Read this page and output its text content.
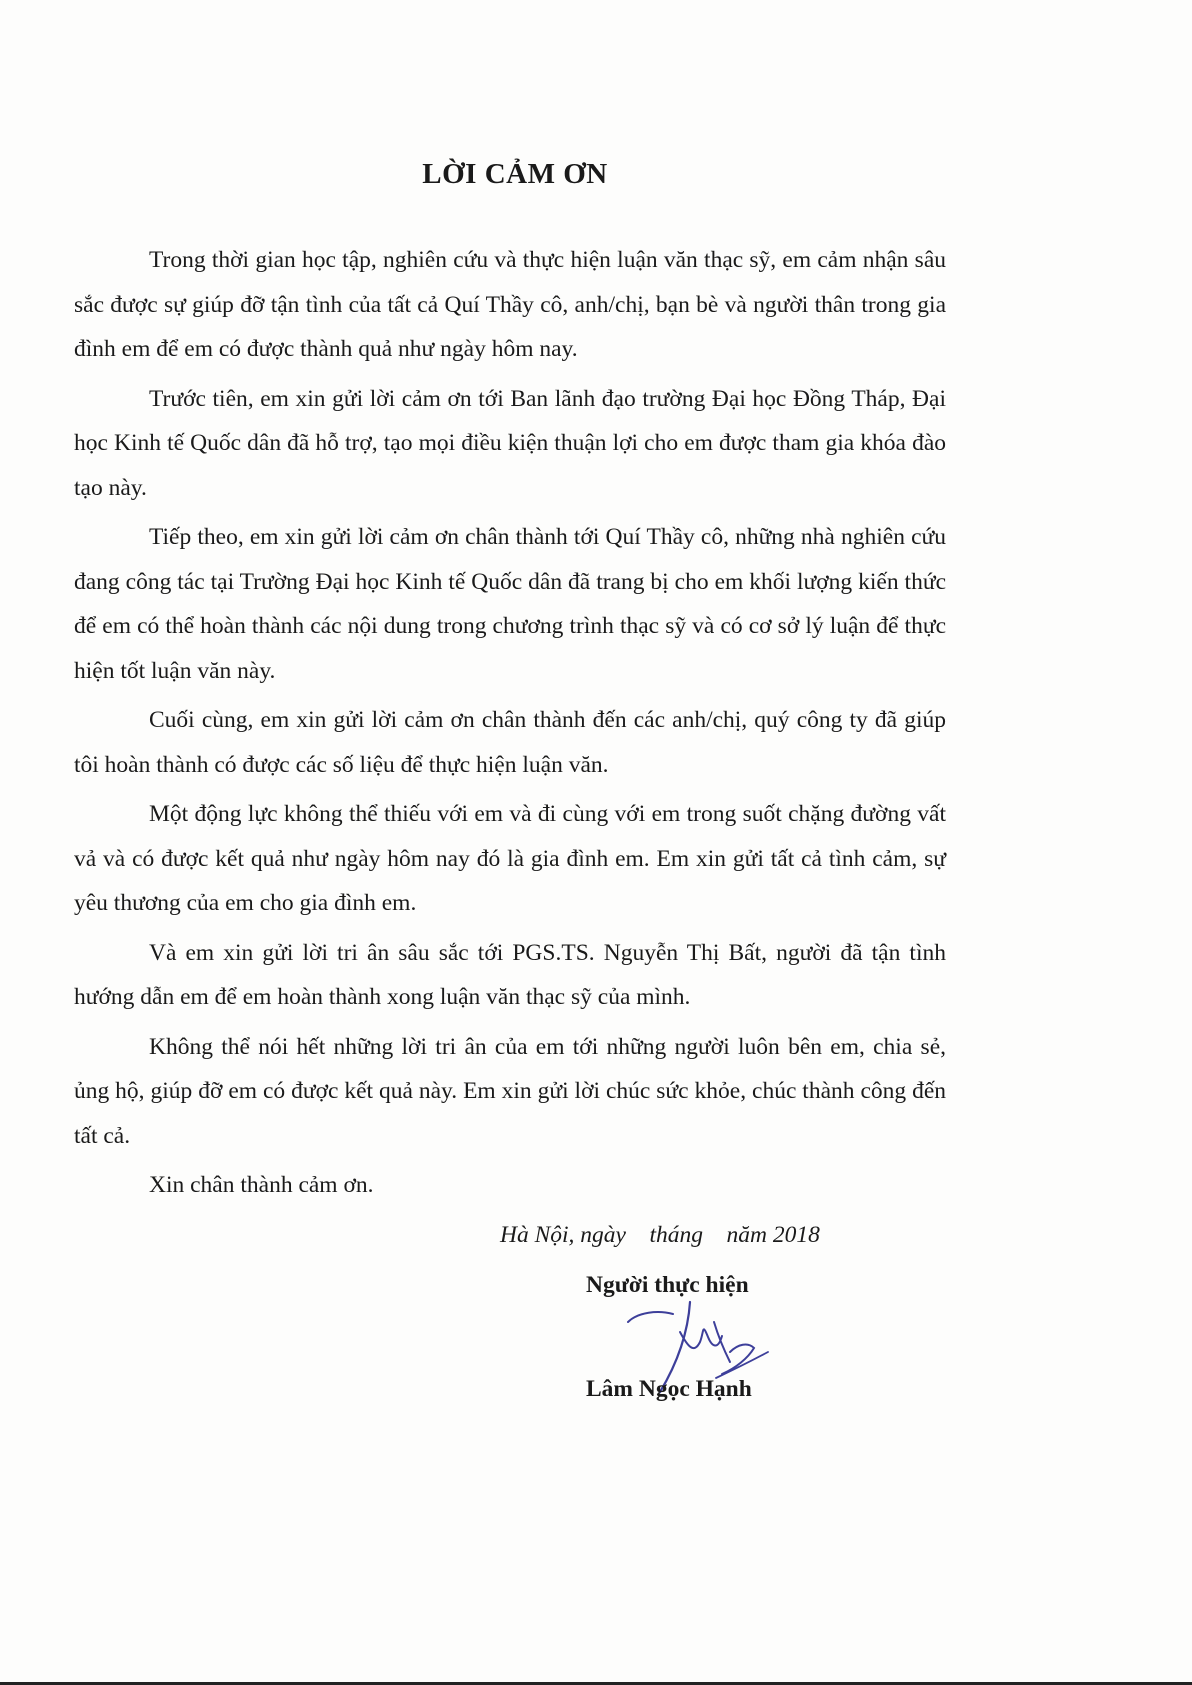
LỜI CẢM ƠN

Trong thời gian học tập, nghiên cứu và thực hiện luận văn thạc sỹ, em cảm nhận sâu sắc được sự giúp đỡ tận tình của tất cả Quí Thầy cô, anh/chị, bạn bè và người thân trong gia đình em để em có được thành quả như ngày hôm nay.

Trước tiên, em xin gửi lời cảm ơn tới Ban lãnh đạo trường Đại học Đồng Tháp, Đại học Kinh tế Quốc dân đã hỗ trợ, tạo mọi điều kiện thuận lợi cho em được tham gia khóa đào tạo này.

Tiếp theo, em xin gửi lời cảm ơn chân thành tới Quí Thầy cô, những nhà nghiên cứu đang công tác tại Trường Đại học Kinh tế Quốc dân đã trang bị cho em khối lượng kiến thức để em có thể hoàn thành các nội dung trong chương trình thạc sỹ và có cơ sở lý luận để thực hiện tốt luận văn này.

Cuối cùng, em xin gửi lời cảm ơn chân thành đến các anh/chị, quý công ty đã giúp tôi hoàn thành có được các số liệu để thực hiện luận văn.

Một động lực không thể thiếu với em và đi cùng với em trong suốt chặng đường vất vả và có được kết quả như ngày hôm nay đó là gia đình em. Em xin gửi tất cả tình cảm, sự yêu thương của em cho gia đình em.

Và em xin gửi lời tri ân sâu sắc tới PGS.TS. Nguyễn Thị Bất, người đã tận tình hướng dẫn em để em hoàn thành xong luận văn thạc sỹ của mình.

Không thể nói hết những lời tri ân của em tới những người luôn bên em, chia sẻ, ủng hộ, giúp đỡ em có được kết quả này. Em xin gửi lời chúc sức khỏe, chúc thành công đến tất cả.

Xin chân thành cảm ơn.

Hà Nội, ngày    tháng    năm 2018
Người thực hiện
Lâm Ngọc Hạnh
